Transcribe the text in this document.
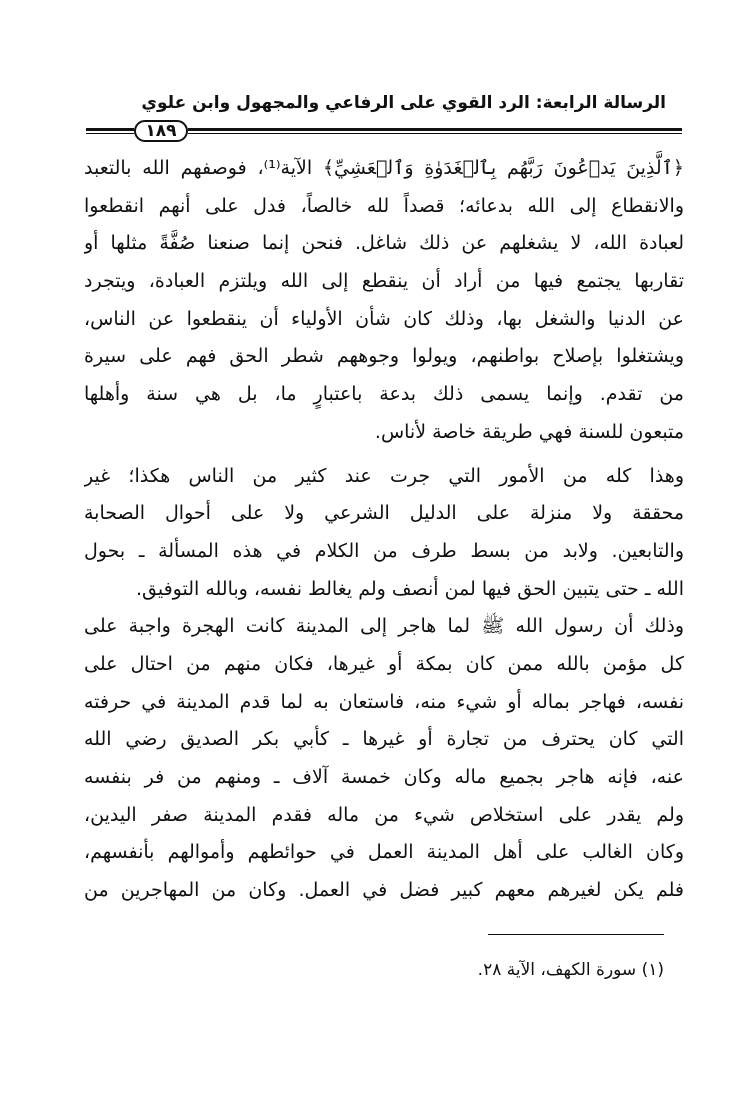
الرسالة الرابعة: الرد القوي على الرفاعي والمجهول وابن علوي
١٨٩
﴿ٱلَّذِينَ يَدۡعُونَ رَبَّهُم بِٱلۡغَدَوٰةِ وَٱلۡعَشِيِّ﴾ الآية⁽¹⁾، فوصفهم الله بالتعبد
والانقطاع إلى الله بدعائه؛ قصداً لله خالصاً، فدل على أنهم انقطعوا
لعبادة الله، لا يشغلهم عن ذلك شاغل. فنحن إنما صنعنا صُفَّةً مثلها أو
تقاربها يجتمع فيها من أراد أن ينقطع إلى الله ويلتزم العبادة، ويتجرد
عن الدنيا والشغل بها، وذلك كان شأن الأولياء أن ينقطعوا عن الناس،
ويشتغلوا بإصلاح بواطنهم، ويولوا وجوههم شطر الحق فهم على سيرة
من تقدم. وإنما يسمى ذلك بدعة باعتبارٍ ما، بل هي سنة وأهلها
متبعون للسنة فهي طريقة خاصة لأناس.
وهذا كله من الأمور التي جرت عند كثير من الناس هكذا؛ غير
محققة ولا منزلة على الدليل الشرعي ولا على أحوال الصحابة
والتابعين. ولابد من بسط طرف من الكلام في هذه المسألة ـ بحول
الله ـ حتى يتبين الحق فيها لمن أنصف ولم يغالط نفسه، وبالله التوفيق.
وذلك أن رسول الله ﷺ لما هاجر إلى المدينة كانت الهجرة واجبة على
كل مؤمن بالله ممن كان بمكة أو غيرها، فكان منهم من احتال على
نفسه، فهاجر بماله أو شيء منه، فاستعان به لما قدم المدينة في حرفته
التي كان يحترف من تجارة أو غيرها ـ كأبي بكر الصديق رضي الله
عنه، فإنه هاجر بجميع ماله وكان خمسة آلاف ـ ومنهم من فر بنفسه
ولم يقدر على استخلاص شيء من ماله فقدم المدينة صفر اليدين،
وكان الغالب على أهل المدينة العمل في حوائطهم وأموالهم بأنفسهم،
فلم يكن لغيرهم معهم كبير فضل في العمل. وكان من المهاجرين من
(١) سورة الكهف، الآية ٢٨.
